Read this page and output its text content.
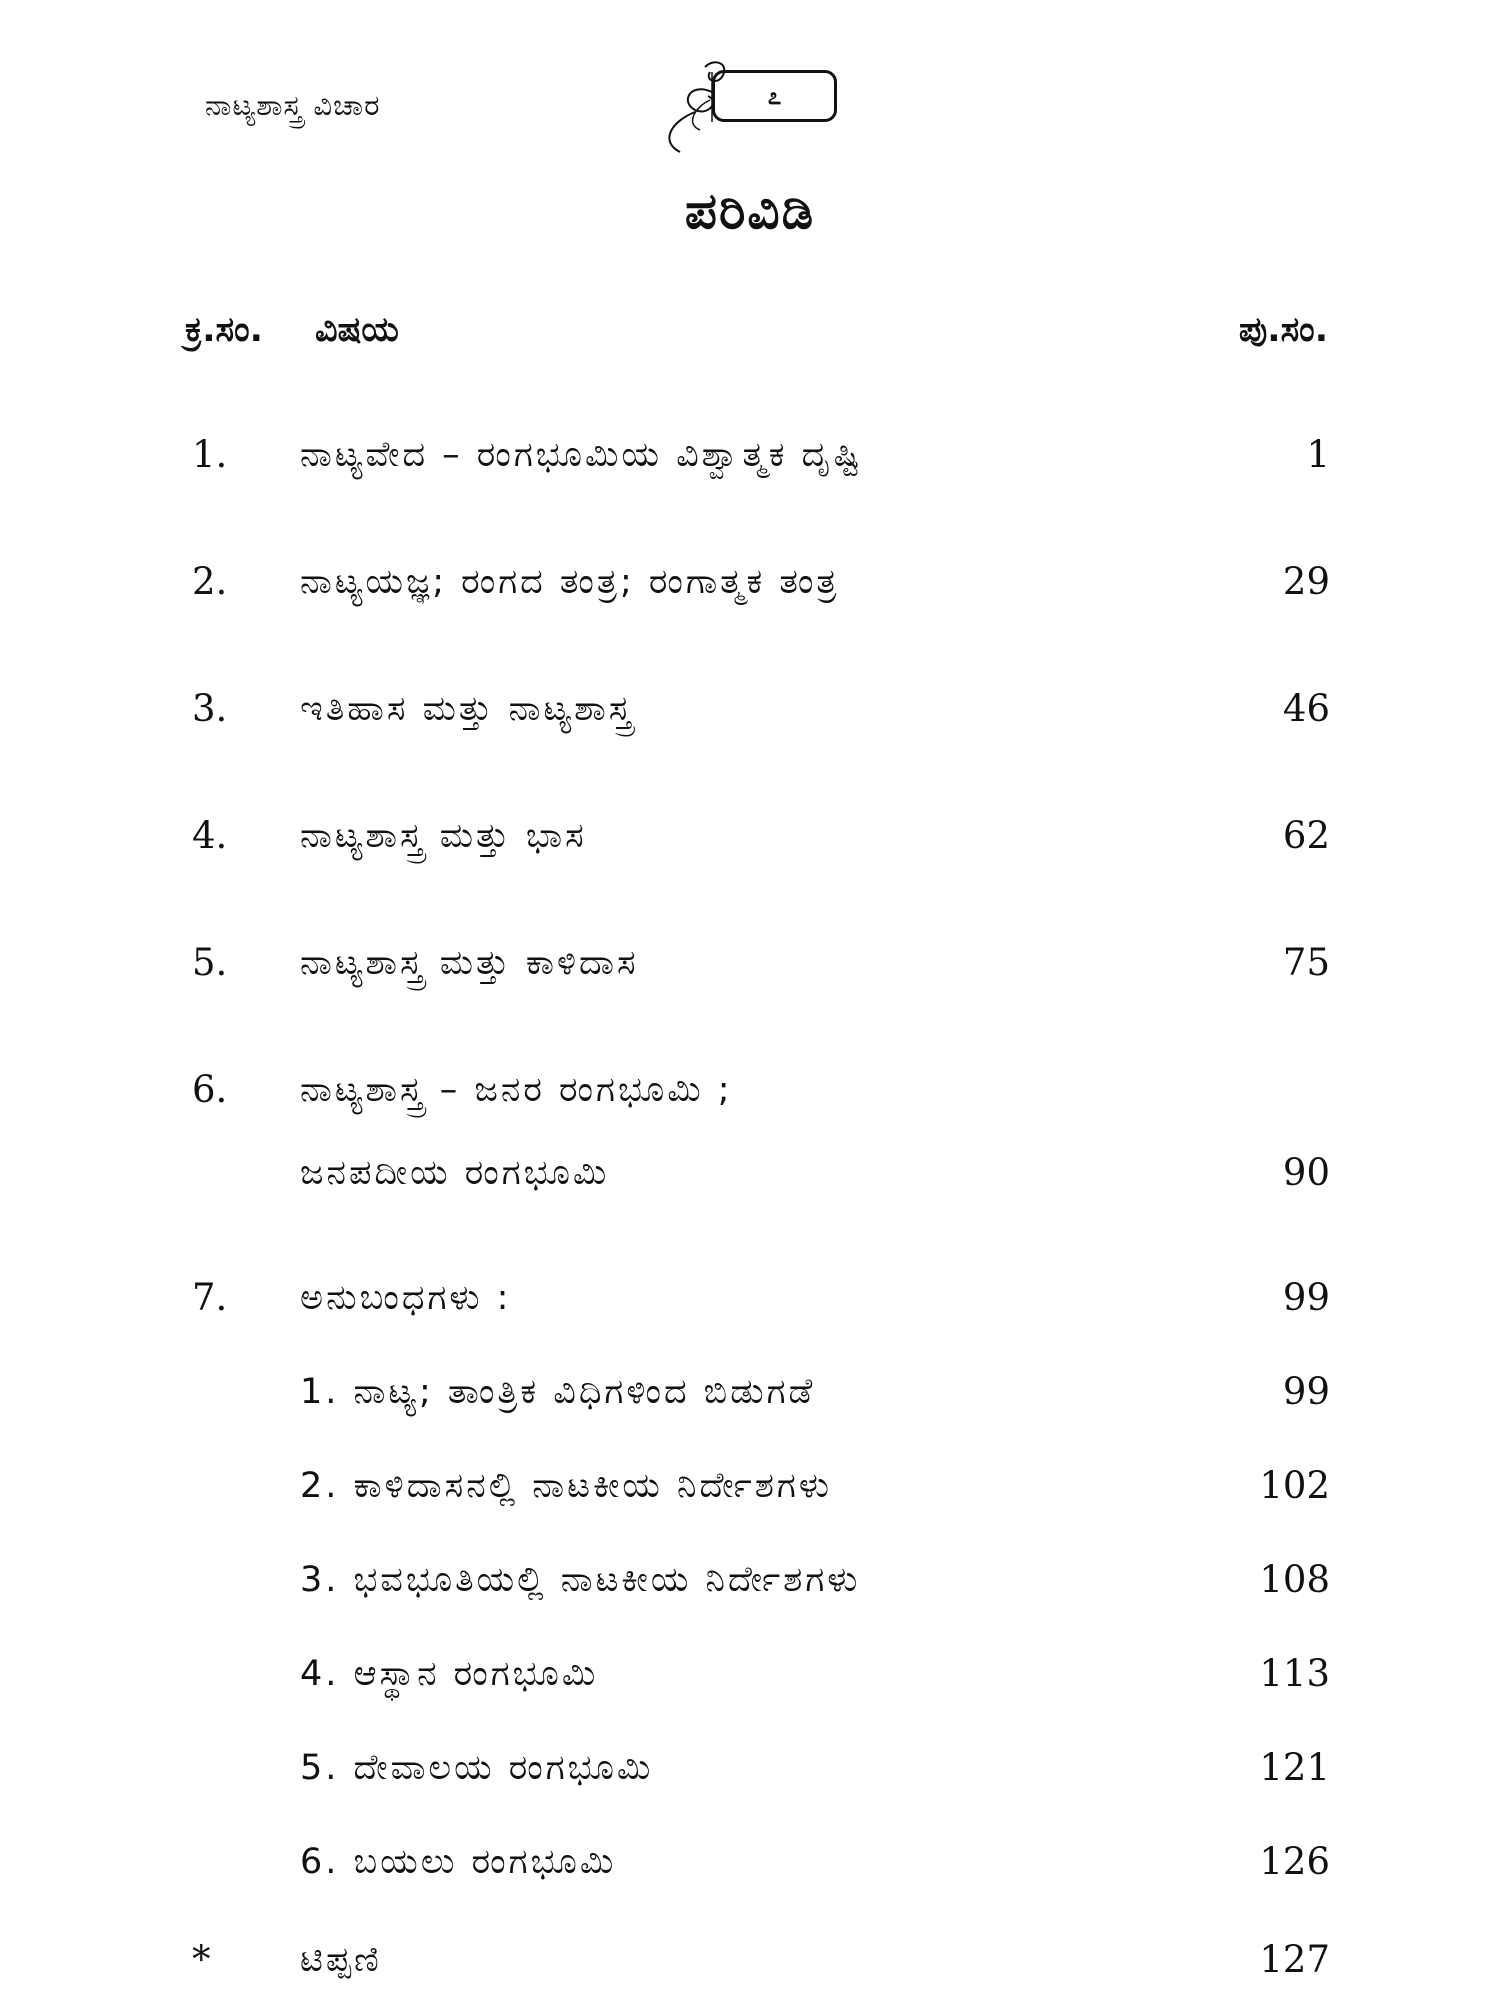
ನಾಟ್ಯಶಾಸ್ತ್ರ ವಿಚಾರ	೭
ಪರಿವಿಡಿ
ಕ್ರ.ಸಂ. ವಿಷಯ	ಪು.ಸಂ.
1. ನಾಟ್ಯವೇದ – ರಂಗಭೂಮಿಯ ವಿಶ್ವಾತ್ಮಕ ದೃಷ್ಟಿ	1
2. ನಾಟ್ಯಯಜ್ಞ; ರಂಗದ ತಂತ್ರ; ರಂಗಾತ್ಮಕ ತಂತ್ರ	29
3. ಇತಿಹಾಸ ಮತ್ತು ನಾಟ್ಯಶಾಸ್ತ್ರ	46
4. ನಾಟ್ಯಶಾಸ್ತ್ರ ಮತ್ತು ಭಾಸ	62
5. ನಾಟ್ಯಶಾಸ್ತ್ರ ಮತ್ತು ಕಾಳಿದಾಸ	75
6. ನಾಟ್ಯಶಾಸ್ತ್ರ – ಜನರ ರಂಗಭೂಮಿ ;
ಜನಪದೀಯ ರಂಗಭೂಮಿ	90
7. ಅನುಬಂಧಗಳು :	99
1. ನಾಟ್ಯ; ತಾಂತ್ರಿಕ ವಿಧಿಗಳಿಂದ ಬಿಡುಗಡೆ	99
2. ಕಾಳಿದಾಸನಲ್ಲಿ ನಾಟಕೀಯ ನಿರ್ದೇಶಗಳು	102
3. ಭವಭೂತಿಯಲ್ಲಿ ನಾಟಕೀಯ ನಿರ್ದೇಶಗಳು	108
4. ಆಸ್ಥಾನ ರಂಗಭೂಮಿ	113
5. ದೇವಾಲಯ ರಂಗಭೂಮಿ	121
6. ಬಯಲು ರಂಗಭೂಮಿ	126
*	ಟಿಪ್ಪಣಿ	127
